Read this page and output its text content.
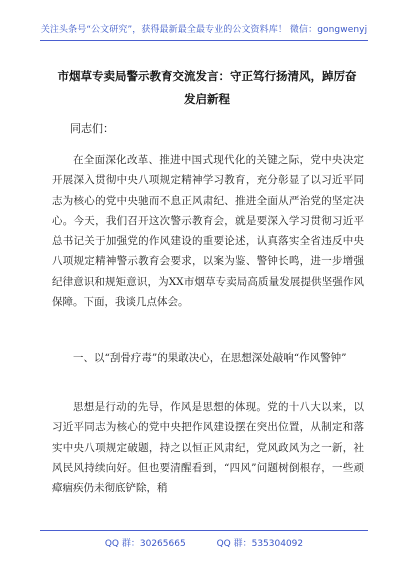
关注头条号“公文研究”，获得最新最全最专业的公文资料库！ 微信：gongwenyj
市烟草专卖局警示教育交流发言：守正笃行扬清风，踔厉奋发启新程
同志们：
在全面深化改革、推进中国式现代化的关键之际，党中央决定开展深入贯彻中央八项规定精神学习教育，充分彰显了以习近平同志为核心的党中央驰而不息正风肃纪、推进全面从严治党的坚定决心。今天，我们召开这次警示教育会，就是要深入学习贯彻习近平总书记关于加强党的作风建设的重要论述，认真落实全省违反中央八项规定精神警示教育会要求，以案为鉴、警钟长鸣，进一步增强纪律意识和规矩意识，为XX市烟草专卖局高质量发展提供坚强作风保障。下面，我谈几点体会。
一、以“刮骨疗毒”的果敢决心，在思想深处敲响“作风警钟”
思想是行动的先导，作风是思想的体现。党的十八大以来，以习近平同志为核心的党中央把作风建设摆在突出位置，从制定和落实中央八项规定破题，持之以恒正风肃纪，党风政风为之一新，社风民风持续向好。但也要清醒看到，“四风”问题树倒根存，一些顽瘴痼疾仍未彻底铲除，稍
QQ 群：30265665	QQ 群：535304092
